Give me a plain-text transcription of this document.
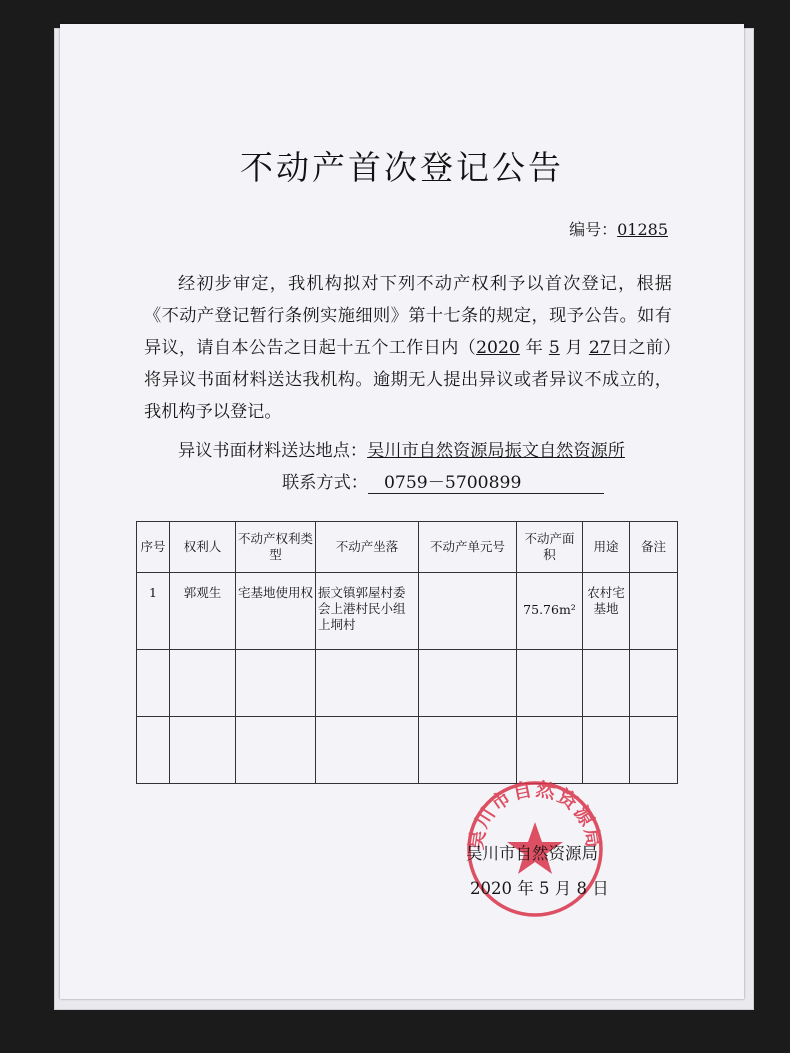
不动产首次登记公告
编号：01285

经初步审定，我机构拟对下列不动产权利予以首次登记，根据《不动产登记暂行条例实施细则》第十七条的规定，现予公告。如有异议，请自本公告之日起十五个工作日内（2020 年 5 月 27日之前）将异议书面材料送达我机构。逾期无人提出异议或者异议不成立的，我机构予以登记。

异议书面材料送达地点：吴川市自然资源局振文自然资源所
联系方式： 0759－5700899
序号	权利人	不动产权利类型	不动产坐落	不动产单元号	不动产面积	用途	备注
1	郭观生	宅基地使用权	振文镇郭屋村委会上港村民小组上垌村		75.76m²	农村宅基地	

吴川市自然资源局
吴川市自然资源局
2020 年 5 月 8 日
